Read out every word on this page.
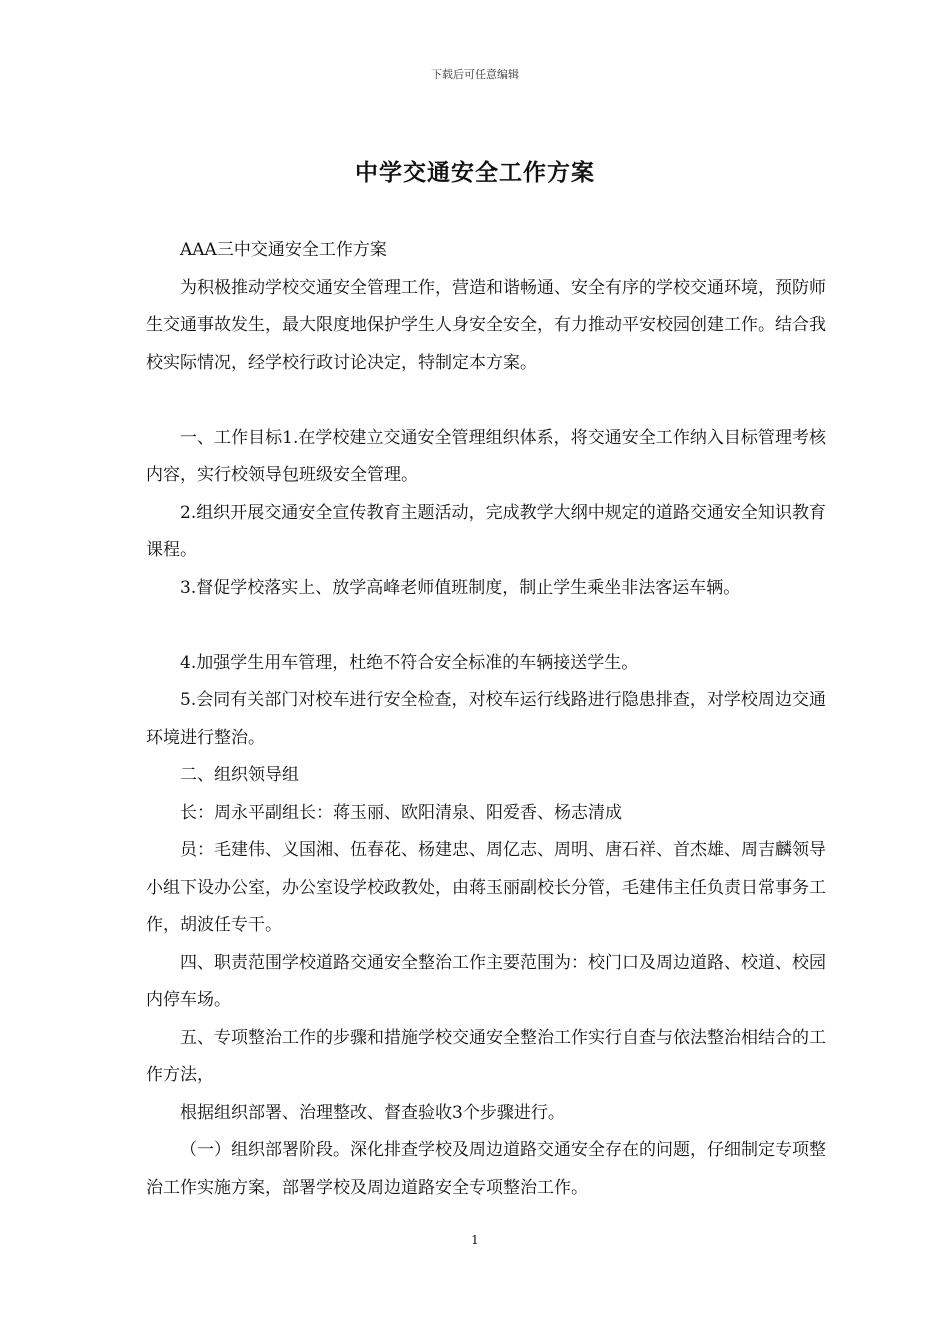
下载后可任意编辑
中学交通安全工作方案

AAA三中交通安全工作方案

为积极推动学校交通安全管理工作，营造和谐畅通、安全有序的学校交通环境，预防师生交通事故发生，最大限度地保护学生人身安全安全，有力推动平安校园创建工作。结合我校实际情况，经学校行政讨论决定，特制定本方案。

一、工作目标1.在学校建立交通安全管理组织体系，将交通安全工作纳入目标管理考核内容，实行校领导包班级安全管理。

2.组织开展交通安全宣传教育主题活动，完成教学大纲中规定的道路交通安全知识教育课程。

3.督促学校落实上、放学高峰老师值班制度，制止学生乘坐非法客运车辆。

4.加强学生用车管理，杜绝不符合安全标准的车辆接送学生。

5.会同有关部门对校车进行安全检查，对校车运行线路进行隐患排查，对学校周边交通环境进行整治。

二、组织领导组

长：周永平副组长：蒋玉丽、欧阳清泉、阳爱香、杨志清成

员：毛建伟、义国湘、伍春花、杨建忠、周亿志、周明、唐石祥、首杰雄、周吉麟领导小组下设办公室，办公室设学校政教处，由蒋玉丽副校长分管，毛建伟主任负责日常事务工作，胡波任专干。

四、职责范围学校道路交通安全整治工作主要范围为：校门口及周边道路、校道、校园内停车场。

五、专项整治工作的步骤和措施学校交通安全整治工作实行自查与依法整治相结合的工作方法，

根据组织部署、治理整改、督查验收3个步骤进行。

（一）组织部署阶段。深化排查学校及周边道路交通安全存在的问题，仔细制定专项整治工作实施方案，部署学校及周边道路安全专项整治工作。

1
